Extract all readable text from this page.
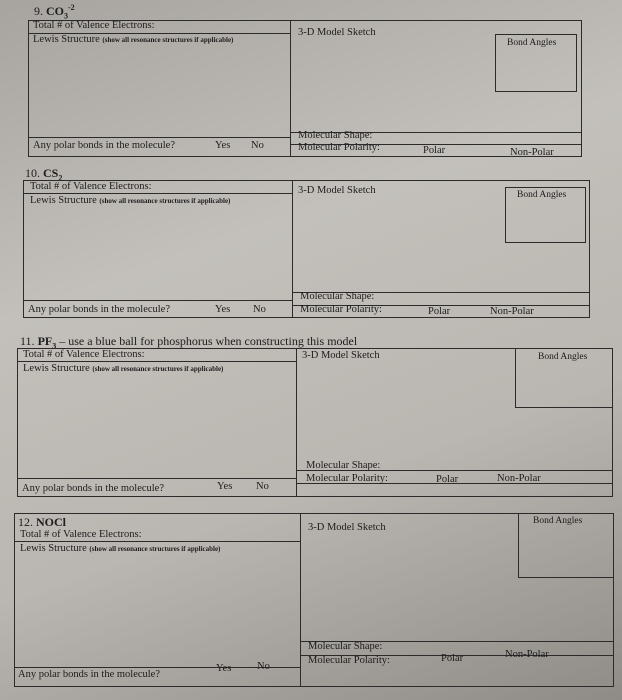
9. $CO_3^{-2}$
Total # of Valence Electrons:
Lewis Structure (show all resonance structures if applicable)
3-D Model Sketch
Bond Angles
Any polar bonds in the molecule?	Yes No
Molecular Shape:
Molecular Polarity:	Polar	Non-Polar
10. $CS_2$
Total # of Valence Electrons:
Lewis Structure (show all resonance structures if applicable)
3-D Model Sketch	Bond Angles
Any polar bonds in the molecule?	Yes No
Molecular Shape:
Molecular Polarity:	Polar	Non-Polar
11. $PF_3$ – use a blue ball for phosphorus when constructing this model
Total # of Valence Electrons:
Lewis Structure (show all resonance structures if applicable)
3-D Model Sketch	Bond Angles
Any polar bonds in the molecule?	Yes No
Molecular Shape:
Molecular Polarity:	Polar	Non-Polar
12. NOCl
Total # of Valence Electrons:
Lewis Structure (show all resonance structures if applicable)
3-D Model Sketch
Bond Angles
Any polar bonds in the molecule?
Yes No
Molecular Shape:
Molecular Polarity:	Polar	Non-Polar
